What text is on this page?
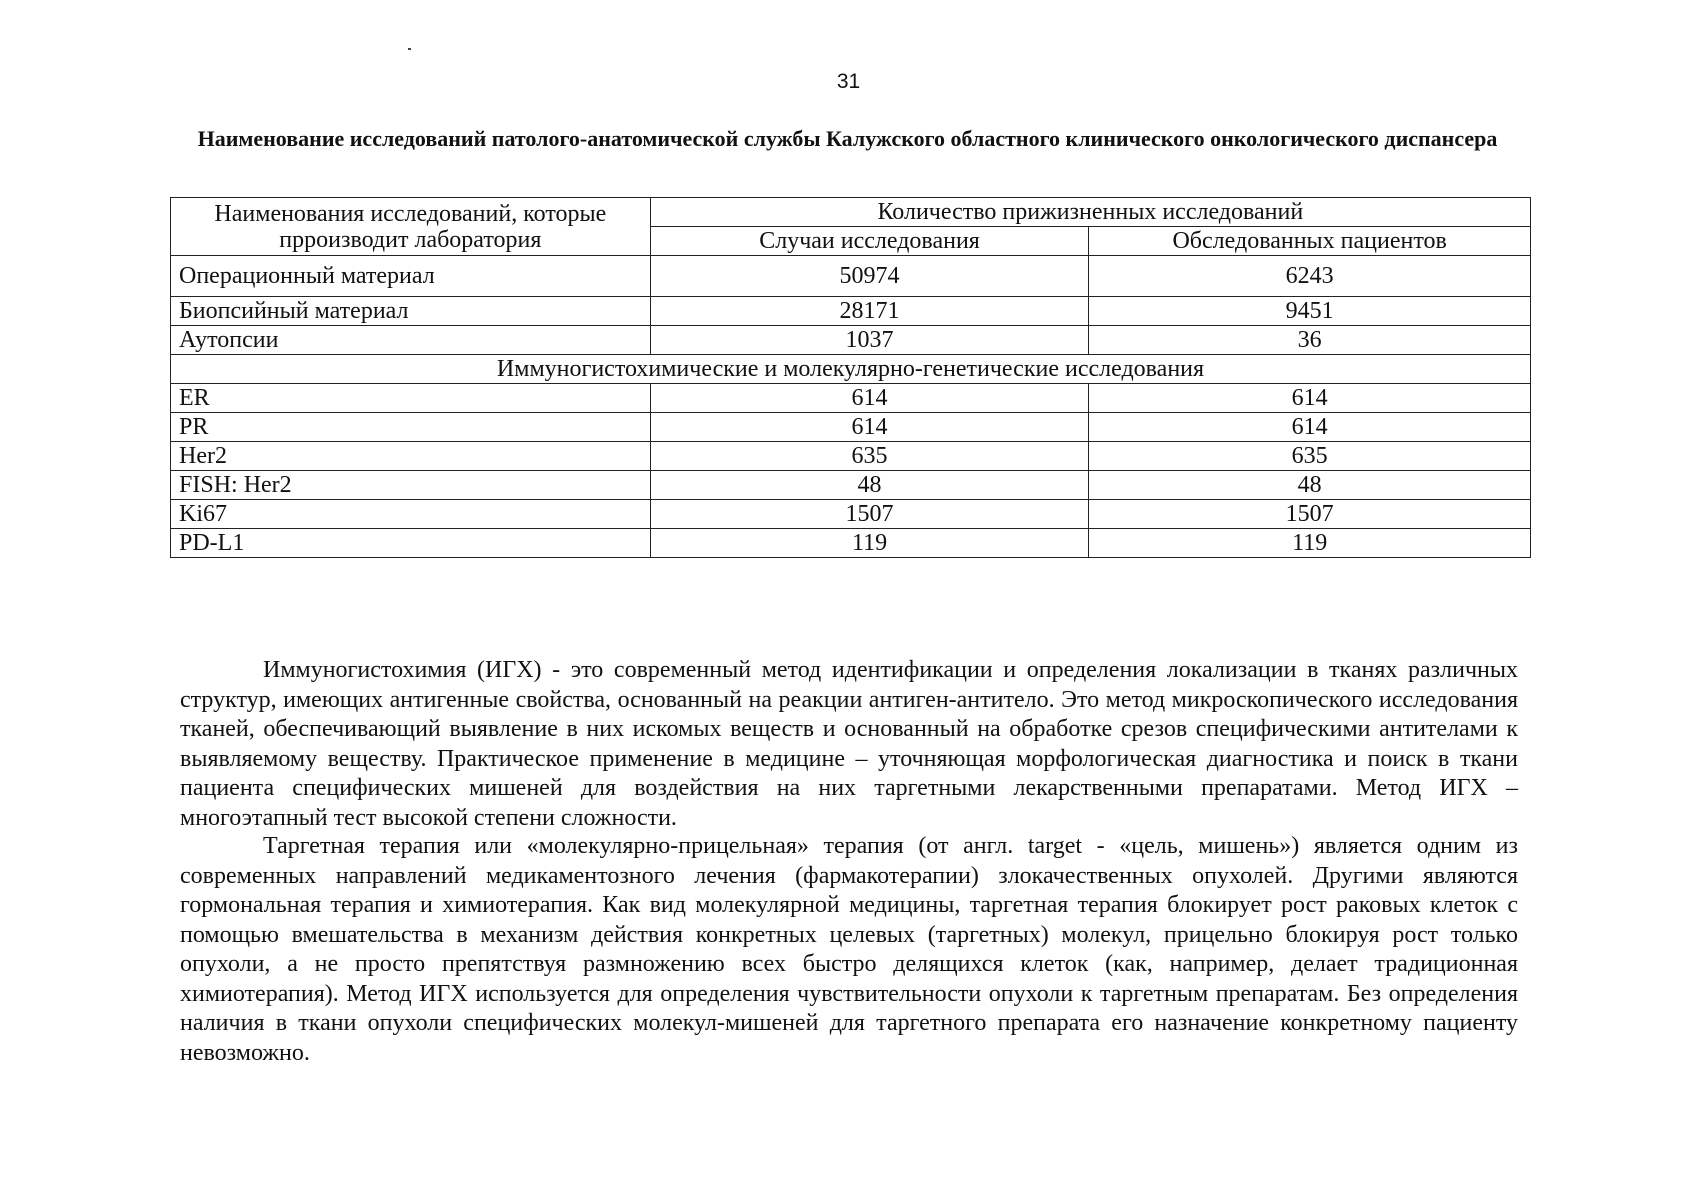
31
Наименование исследований патолого-анатомической службы Калужского областного клинического онкологического диспансера
Наименования исследований, которые прроизводит лаборатория	Количество прижизненных исследований	
	Случаи исследования	Обследованных пациентов
Операционный материал	50974	6243
Биопсийный материал	28171	9451
Аутопсии	1037	36
Иммуногистохимические и молекулярно-генетические исследования		
ER	614	614
PR	614	614
Her2	635	635
FISH: Her2	48	48
Ki67	1507	1507
PD-L1	119	119

Иммуногистохимия (ИГХ) - это современный метод идентификации и определения локализации в тканях различных структур, имеющих антигенные свойства, основанный на реакции антиген-антитело. Это метод микроскопического исследования тканей, обеспечивающий выявление в них искомых веществ и основанный на обработке срезов специфическими антителами к выявляемому веществу. Практическое применение в медицине – уточняющая морфологическая диагностика и поиск в ткани пациента специфических мишеней для воздействия на них таргетными лекарственными препаратами. Метод ИГХ – многоэтапный тест высокой степени сложности.

Таргетная терапия или «молекулярно-прицельная» терапия (от англ. target - «цель, мишень») является одним из современных направлений медикаментозного лечения (фармакотерапии) злокачественных опухолей. Другими являются гормональная терапия и химиотерапия. Как вид молекулярной медицины, таргетная терапия блокирует рост раковых клеток с помощью вмешательства в механизм действия конкретных целевых (таргетных) молекул, прицельно блокируя рост только опухоли, а не просто препятствуя размножению всех быстро делящихся клеток (как, например, делает традиционная химиотерапия). Метод ИГХ используется для определения чувствительности опухоли к таргетным препаратам. Без определения наличия в ткани опухоли специфических молекул-мишеней для таргетного препарата его назначение конкретному пациенту невозможно.
